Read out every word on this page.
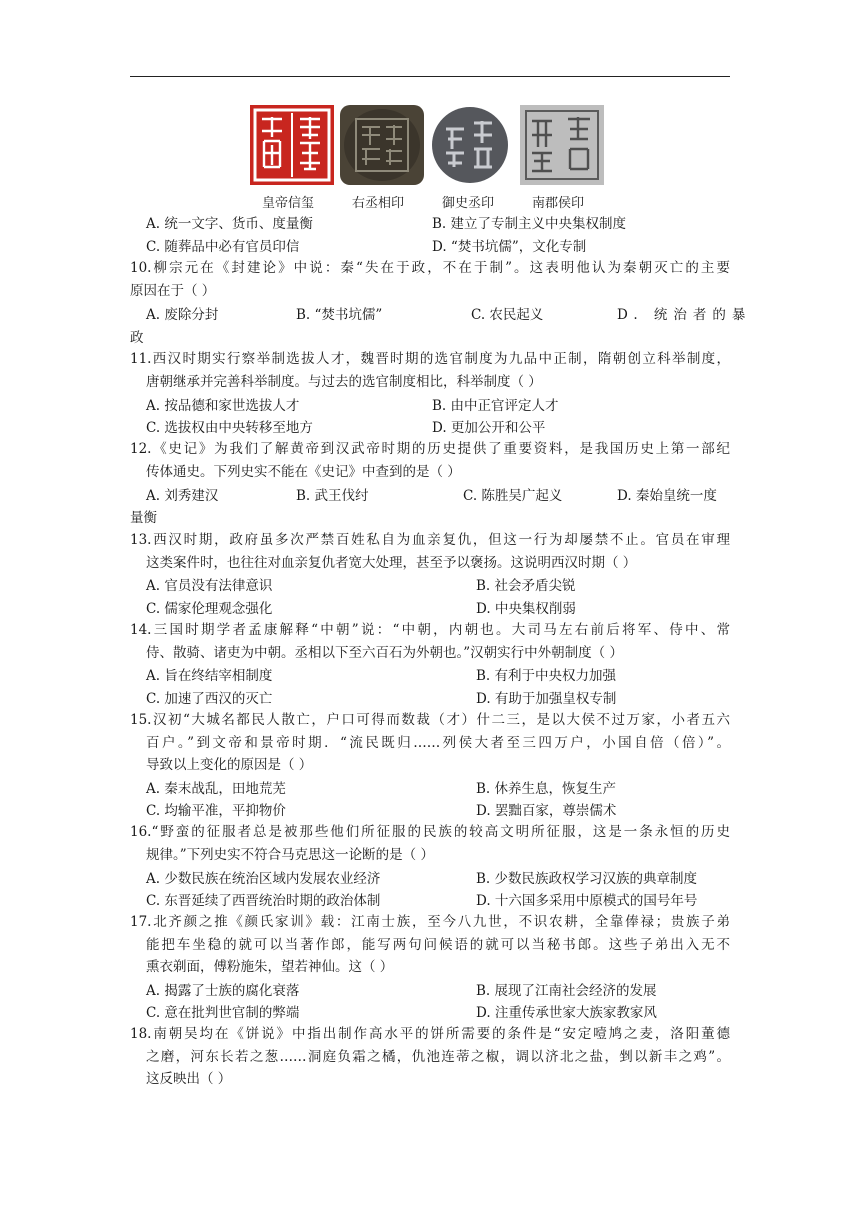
皇帝信玺	右丞相印	御史丞印	南郡侯印
A. 统一文字、货币、度量衡	B. 建立了专制主义中央集权制度
C. 随葬品中必有官员印信	D. “焚书坑儒”，文化专制
10.柳宗元在《封建论》中说：秦“失在于政，不在于制”。这表明他认为秦朝灭亡的主要
原因在于（ ）
A. 废除分封	B. “焚书坑儒”	C. 农民起义	D. 统治者的暴
政
11.西汉时期实行察举制选拔人才，魏晋时期的选官制度为九品中正制，隋朝创立科举制度，
唐朝继承并完善科举制度。与过去的选官制度相比，科举制度（ ）
A. 按品德和家世选拔人才	B. 由中正官评定人才
C. 选拔权由中央转移至地方	D. 更加公开和公平
12.《史记》为我们了解黄帝到汉武帝时期的历史提供了重要资料，是我国历史上第一部纪
传体通史。下列史实不能在《史记》中查到的是（ ）
A. 刘秀建汉	B. 武王伐纣	C. 陈胜吴广起义	D. 秦始皇统一度
量衡
13.西汉时期，政府虽多次严禁百姓私自为血亲复仇，但这一行为却屡禁不止。官员在审理
这类案件时，也往往对血亲复仇者宽大处理，甚至予以褒扬。这说明西汉时期（ ）
A. 官员没有法律意识	B. 社会矛盾尖锐
C. 儒家伦理观念强化	D. 中央集权削弱
14.三国时期学者孟康解释“中朝”说：“中朝，内朝也。大司马左右前后将军、侍中、常
侍、散骑、诸吏为中朝。丞相以下至六百石为外朝也。”汉朝实行中外朝制度（ ）
A. 旨在终结宰相制度	B. 有利于中央权力加强
C. 加速了西汉的灭亡	D. 有助于加强皇权专制
15.汉初“大城名都民人散亡，户口可得而数裁（才）什二三，是以大侯不过万家，小者五六
百户。”到文帝和景帝时期．“流民既归……列侯大者至三四万户，小国自倍（倍）”。
导致以上变化的原因是（ ）
A. 秦末战乱，田地荒芜	B. 休养生息，恢复生产
C. 均输平准，平抑物价	D. 罢黜百家，尊崇儒术
16.“野蛮的征服者总是被那些他们所征服的民族的较高文明所征服，这是一条永恒的历史
规律。”下列史实不符合马克思这一论断的是（ ）
A. 少数民族在统治区域内发展农业经济	B. 少数民族政权学习汉族的典章制度
C. 东晋延续了西晋统治时期的政治体制	D. 十六国多采用中原模式的国号年号
17.北齐颜之推《颜氏家训》载：江南士族，至今八九世，不识农耕，全靠俸禄；贵族子弟
能把车坐稳的就可以当著作郎，能写两句问候语的就可以当秘书郎。这些子弟出入无不
熏衣剃面，傅粉施朱，望若神仙。这（ ）
A. 揭露了士族的腐化衰落	B. 展现了江南社会经济的发展
C. 意在批判世官制的弊端	D. 注重传承世家大族家教家风
18.南朝吴均在《饼说》中指出制作高水平的饼所需要的条件是“安定噎鸠之麦，洛阳董德
之磨，河东长若之葱……洞庭负霜之橘，仇池连蒂之椒，调以济北之盐，剉以新丰之鸡”。
这反映出（ ）
